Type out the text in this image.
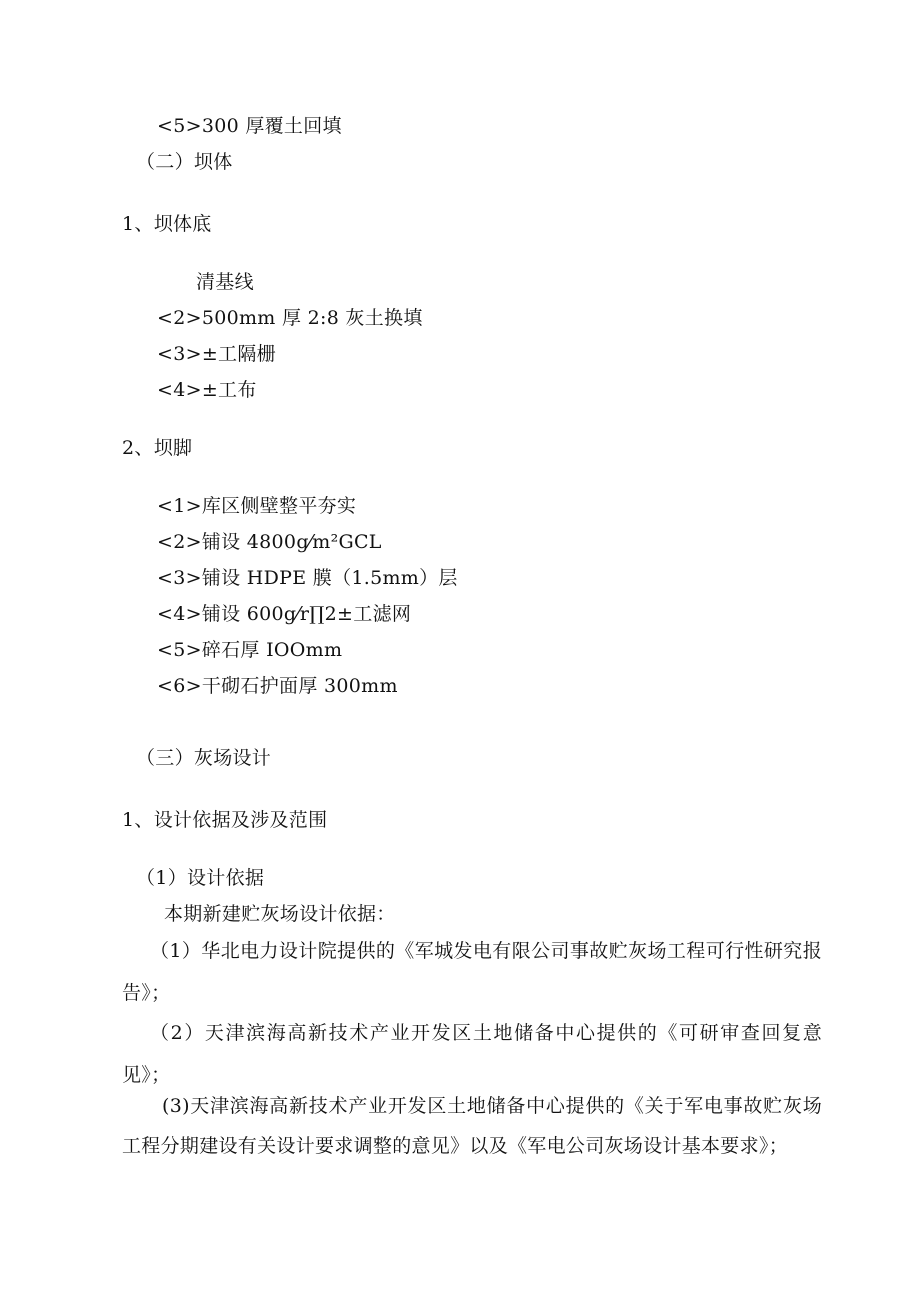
<5>300 厚覆土回填
（二）坝体
1、坝体底
清基线
<2>500mm 厚 2:8 灰土换填
<3>±工隔栅
<4>±工布
2、坝脚
<1>库区侧壁整平夯实
<2>铺设 4800g⁄m²GCL
<3>铺设 HDPE 膜（1.5mm）层
<4>铺设 600g⁄r∏2±工滤网
<5>碎石厚 IOOmm
<6>干砌石护面厚 300mm
（三）灰场设计
1、设计依据及涉及范围
（1）设计依据
本期新建贮灰场设计依据：
（1）华北电力设计院提供的《军城发电有限公司事故贮灰场工程可行性研究报告》；
（2）天津滨海高新技术产业开发区土地储备中心提供的《可研审查回复意见》；
(3)天津滨海高新技术产业开发区土地储备中心提供的《关于军电事故贮灰场工程分期建设有关设计要求调整的意见》以及《军电公司灰场设计基本要求》；
